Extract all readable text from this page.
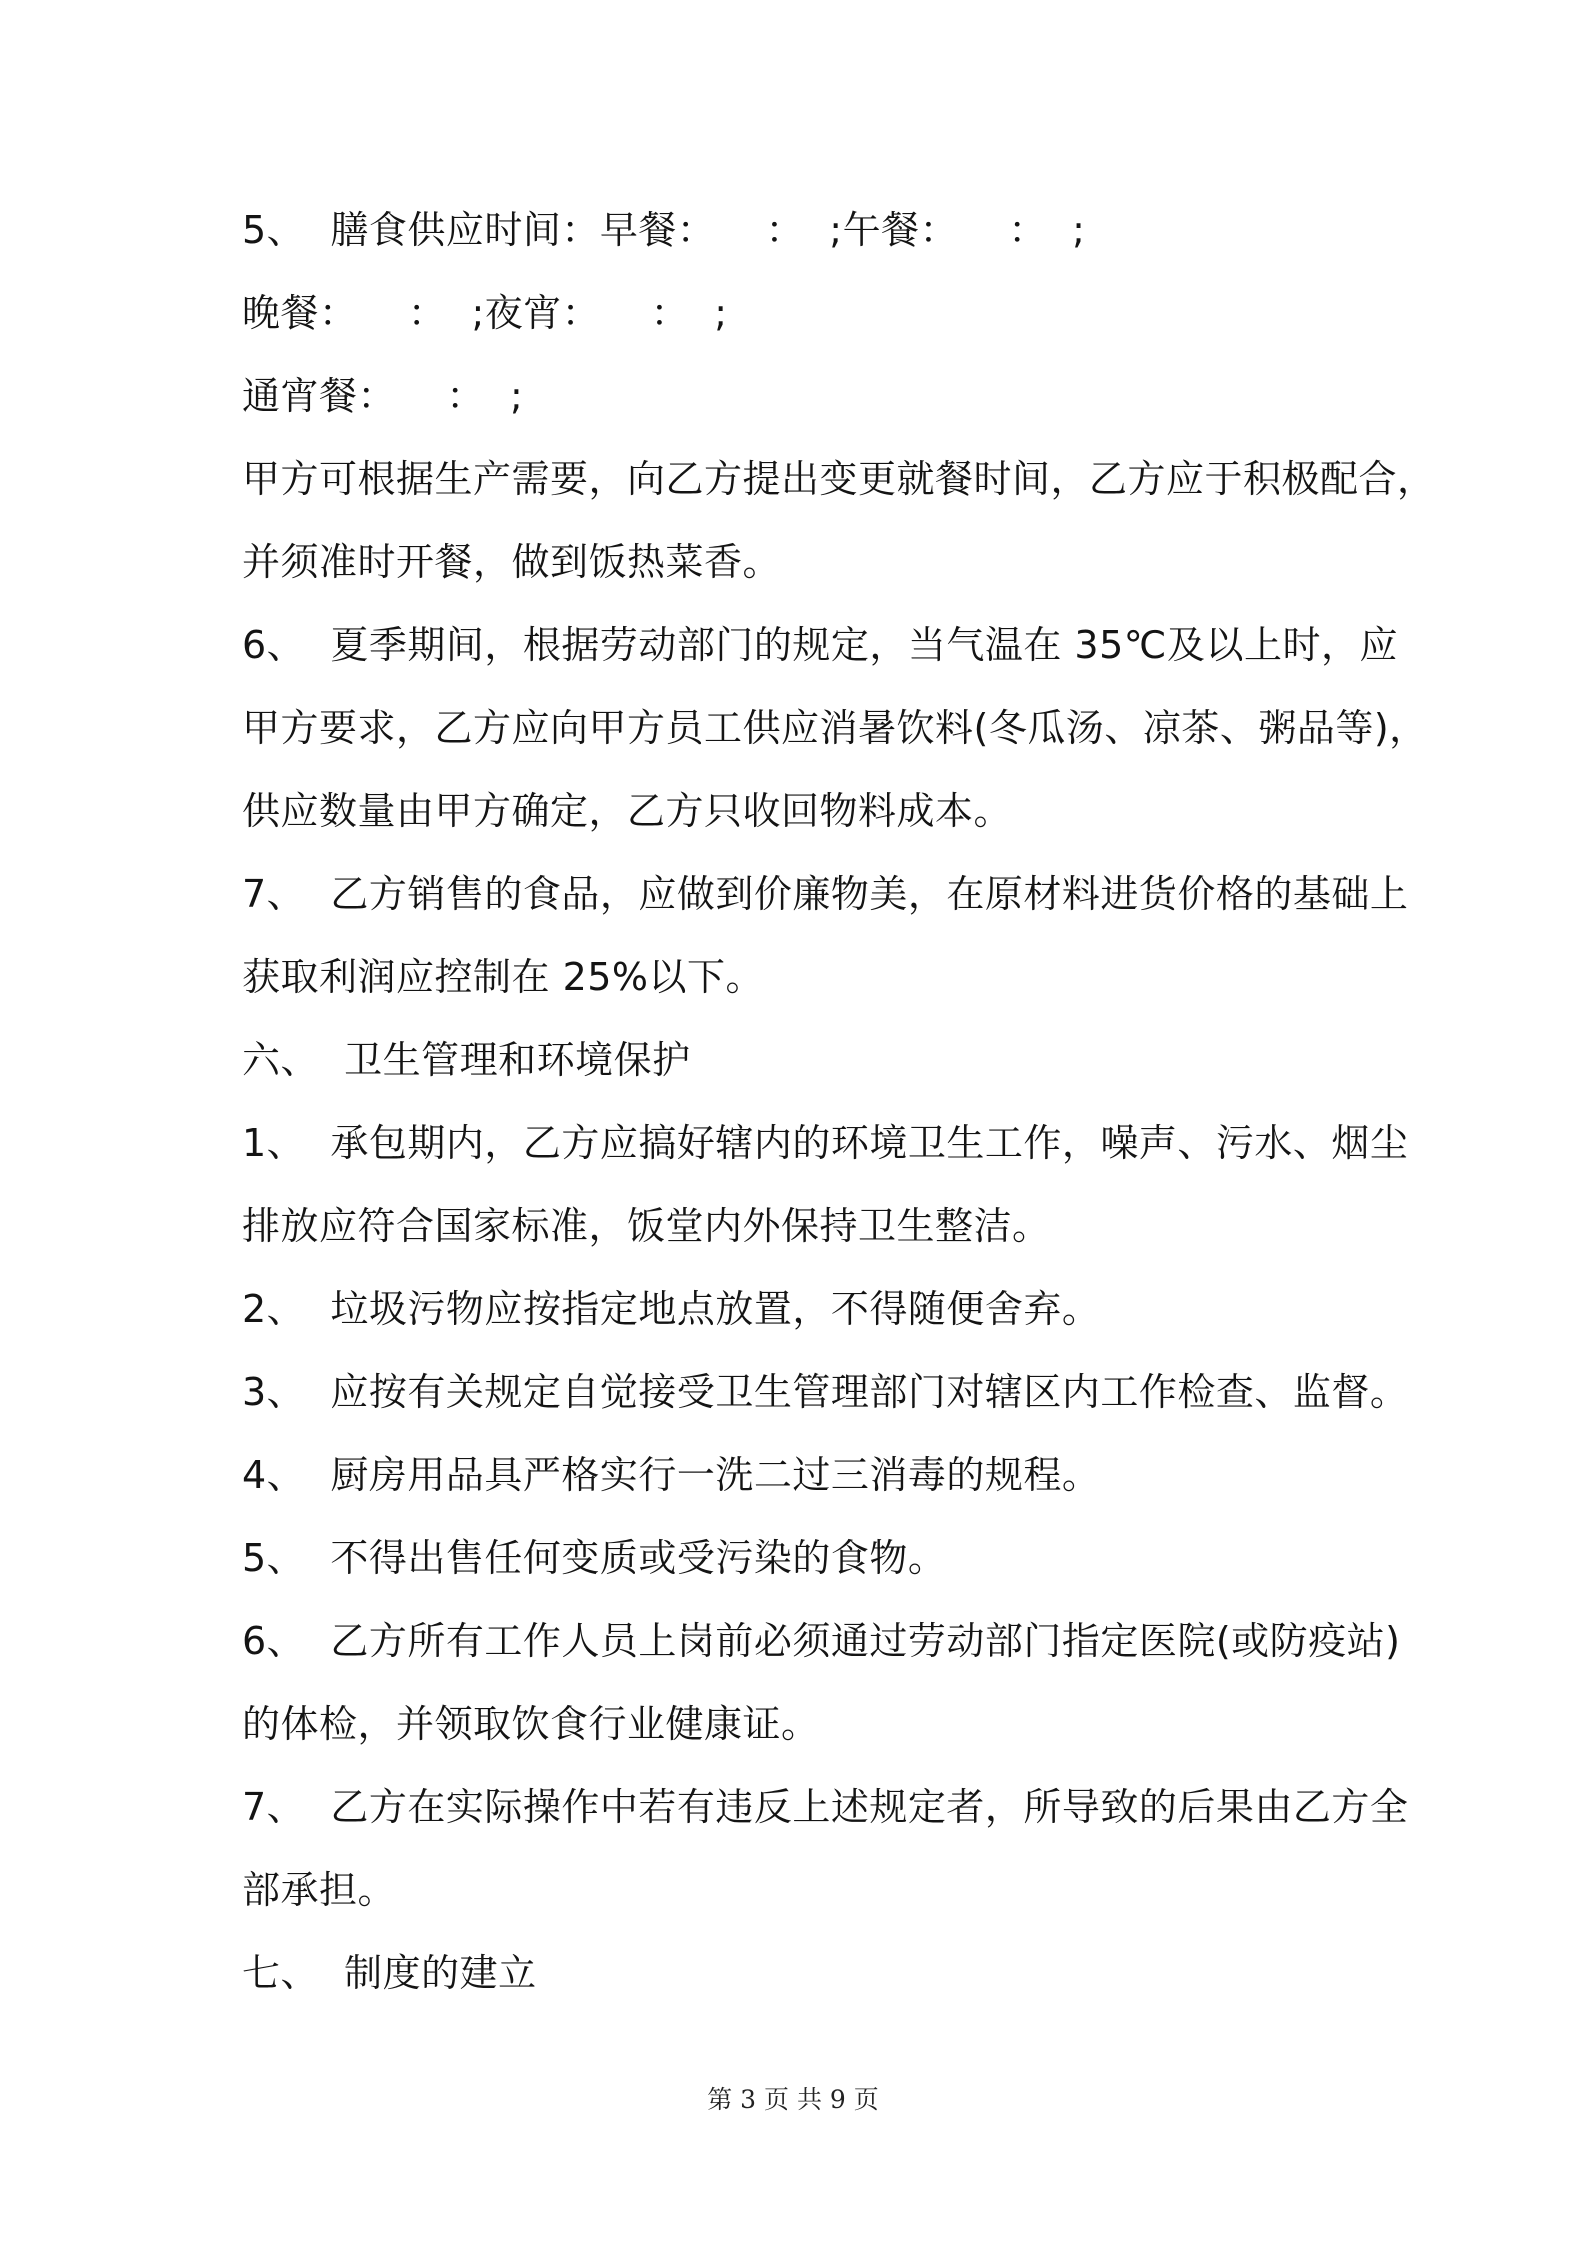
5、  膳食供应时间：早餐：    ：  ;午餐：    ：  ;
晚餐：    ：  ;夜宵：    ：  ;
通宵餐：    ：  ;
甲方可根据生产需要，向乙方提出变更就餐时间，乙方应于积极配合，
并须准时开餐，做到饭热菜香。
6、  夏季期间，根据劳动部门的规定，当气温在 35℃及以上时，应
甲方要求，乙方应向甲方员工供应消暑饮料(冬瓜汤、凉茶、粥品等)，
供应数量由甲方确定，乙方只收回物料成本。
7、  乙方销售的食品，应做到价廉物美，在原材料进货价格的基础上
获取利润应控制在 25%以下。
六、  卫生管理和环境保护
1、  承包期内，乙方应搞好辖内的环境卫生工作，噪声、污水、烟尘
排放应符合国家标准，饭堂内外保持卫生整洁。
2、  垃圾污物应按指定地点放置，不得随便舍弃。
3、  应按有关规定自觉接受卫生管理部门对辖区内工作检查、监督。
4、  厨房用品具严格实行一洗二过三消毒的规程。
5、  不得出售任何变质或受污染的食物。
6、  乙方所有工作人员上岗前必须通过劳动部门指定医院(或防疫站)
的体检，并领取饮食行业健康证。
7、  乙方在实际操作中若有违反上述规定者，所导致的后果由乙方全
部承担。
七、  制度的建立
第 3 页 共 9 页
